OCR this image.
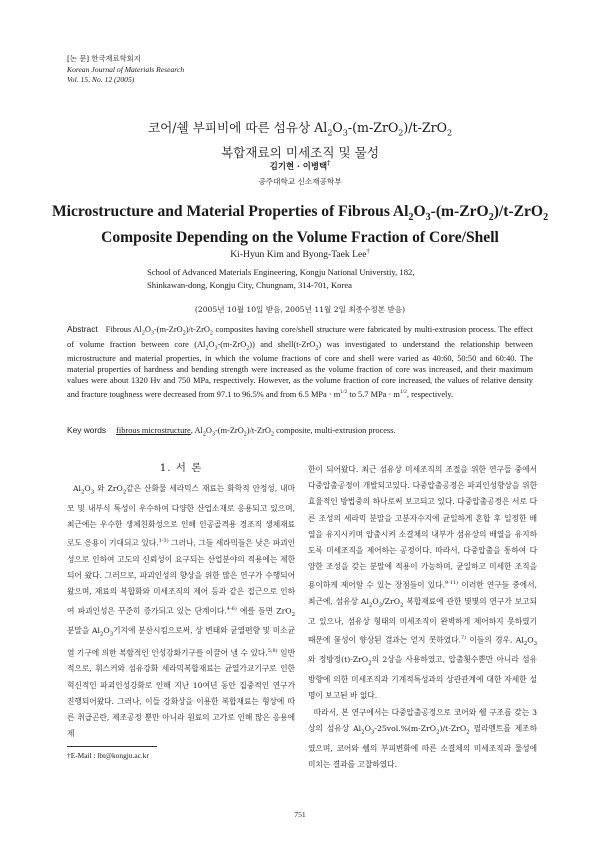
[논 문] 한국재료학회지
Korean Journal of Materials Research
Vol. 15, No. 12 (2005)
코어/쉘 부피비에 따른 섬유상 $Al_2O_3-(m-ZrO_2)/t-ZrO_2$
복합재료의 미세조직 및 물성
김기현 · 이병택†
공주대학교 신소재공학부
Microstructure and Material Properties of Fibrous $Al_2O_3-(m-ZrO_2)/t-ZrO_2$
Composite Depending on the Volume Fraction of Core/Shell
Ki-Hyun Kim and Byong-Taek Lee†
School of Advanced Materials Engineering, Kongju National Universtiy, 182,
Shinkawan-dong, Kongju City, Chungnam, 314-701, Korea
(2005년 10월 10일 받음, 2005년 11월 2일 최종수정본 받음)
Abstract Fibrous $Al_2O_3-(m-ZrO_2)/t-ZrO_2$ composites having core/shell structure were fabricated by multi-extrusion process. The effect of volume fraction between core $(Al_2O_3-(m-ZrO_2))$ and shell(t-ZrO$_2$) was investigated to understand the relationship between microstructure and material properties, in which the volume fractions of core and shell were varied as 40:60, 50:50 and 60:40. The material properties of hardness and bending strength were increased as the volume fraction of core was increased, and their maximum values were about 1320 Hv and 750 MPa, respectively. However, as the volume fraction of core increased, the values of relative density and fracture toughness were decreased from 97.1 to 96.5% and from 6.5 MPa · $m^{1/2}$ to 5.7 MPa · $m^{1/2}$, respectively.
Key words fibrous microstructure, $Al_2O_3-(m-ZrO_2)/t-ZrO_2$ composite, multi-extrusion process.
1. 서 론

$Al_2O_3$ 와 ZrO$_2$같은 산화물 세라믹스 재료는 화학적 안정성, 내마모 및 내부식 특성이 우수하여 다양한 산업소재로 응용되고 있으며, 최근에는 우수한 생체친화성으로 인해 인공골격용 경조직 생체재료로도 응용이 기대되고 있다.$^{1-3)}$ 그러나, 그들 세라믹들은 낮은 파괴인성으로 인하여 고도의 신뢰성이 요구되는 산업분야의 적용에는 제한되어 왔다. 그러므로, 파괴인성의 향상을 위한 많은 연구가 수행되어 왔으며, 재료의 복합화와 미세조직의 제어 등과 같은 접근으로 인하여 파괴인성은 꾸준히 증가되고 있는 단계이다.$^{4-6)}$ 예를 들면 ZrO$_2$분말을 $Al_2O_3$기지에 분산시킴으로써, 상 변태와 균열편향 및 미소균열 기구에 의한 복합적인 인성강화기구를 이끌어 낼 수 있다.$^{5,8)}$ 일반적으로, 휘스커와 섬유강화 세라믹복합재료는 균열가교기구로 인한 혁신적인 파괴인성강화로 인해 지난 10여년 동안 집중적인 연구가 진행되어왔다. 그러나, 이들 강화상을 이용한 복합재료는 형상에 따른 취급곤란, 제조공정 뿐만 아니라 원료의 고가로 인해 많은 응용에 제

한이 되어왔다. 최근 섬유상 미세조직의 조절을 위한 연구들 중에서 다중압출공정이 개발되고있다. 다중압출공정은 파괴인성향상을 위한 효율적인 방법중의 하나로써 보고되고 있다. 다중압출공정은 서로 다른 조성의 세라믹 분말을 고분자수지에 균일하게 혼합 후 일정한 배열을 유지시키며 압출시켜 소결체의 내부가 섬유상의 배열을 유지하도록 미세조직을 제어하는 공정이다. 따라서, 다중압출을 통하여 다양한 조성을 갖는 분말에 적용이 가능하며, 균일하고 미세한 조직을 용이하게 제어할 수 있는 장점들이 있다.$^{9-11)}$ 이러한 연구들 중에서, 최근에, 섬유상 $Al_2O_3/ZrO_2$ 복합재료에 관한 몇몇의 연구가 보고되고 있으나, 섬유상 형태의 미세조직이 완벽하게 제어하지 못하였기 때문에 물성이 향상된 결과는 얻지 못하였다.$^{7)}$ 이들의 경우, $Al_2O_3$와 정방정(t)-ZrO$_2$의 2상을 사용하였고, 압출횟수뿐만 아니라 섬유방향에 의한 미세조직과 기계적특성과의 상관관계에 대한 자세한 설명이 보고된 바 없다.

따라서, 본 연구에서는 다중압출공정으로 코어와 쉘 구조를 갖는 3상의 섬유상 $Al_2O_3-25vol.\%(m-ZrO_2)/t-ZrO_2$ 필라멘트를 제조하였으며, 코어와 쉘의 부피변화에 따른 소결체의 미세조직과 물성에 미치는 결과를 고찰하였다.

†E-Mail : lbt@kongju.ac.kr
751
